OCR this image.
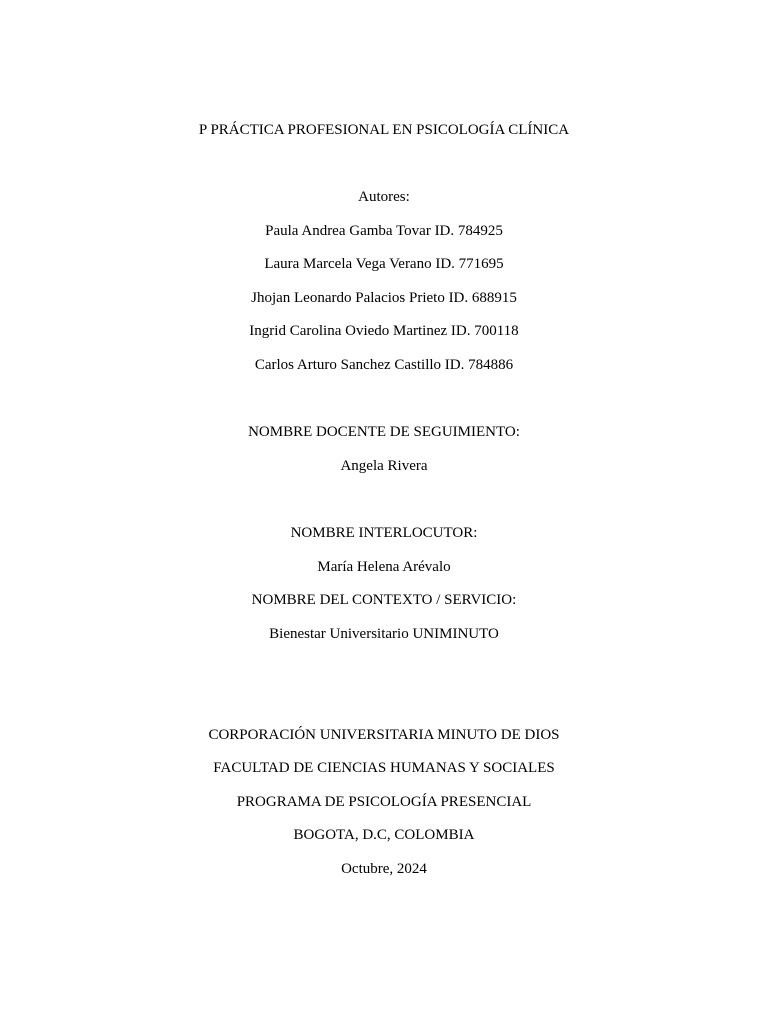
P PRÁCTICA PROFESIONAL EN PSICOLOGÍA CLÍNICA
Autores:
Paula Andrea Gamba Tovar ID. 784925
Laura Marcela Vega Verano ID. 771695
Jhojan Leonardo Palacios Prieto ID. 688915
Ingrid Carolina Oviedo Martinez ID. 700118
Carlos Arturo Sanchez Castillo ID. 784886
NOMBRE DOCENTE DE SEGUIMIENTO:
Angela Rivera
NOMBRE INTERLOCUTOR:
María Helena Arévalo
NOMBRE DEL CONTEXTO / SERVICIO:
Bienestar Universitario UNIMINUTO
CORPORACIÓN UNIVERSITARIA MINUTO DE DIOS
FACULTAD DE CIENCIAS HUMANAS Y SOCIALES
PROGRAMA DE PSICOLOGÍA PRESENCIAL
BOGOTA, D.C, COLOMBIA
Octubre, 2024
